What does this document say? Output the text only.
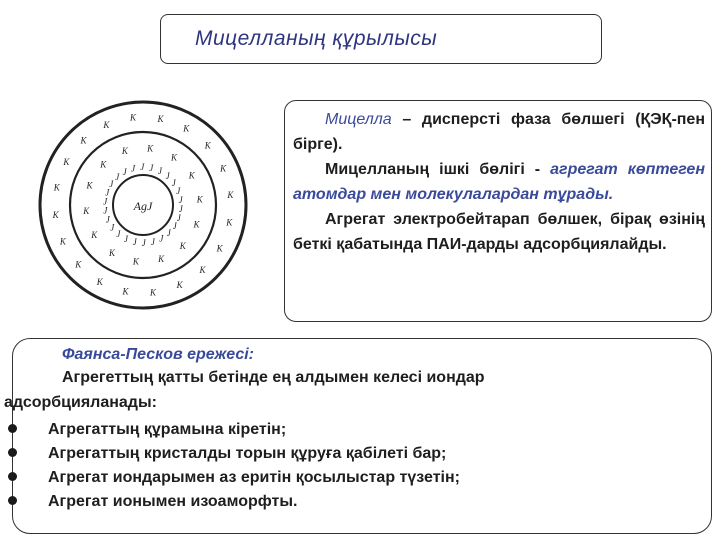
Мицелланың құрылысы
AgJ	J
J
J
J
J
J
J
J
J
J
J
J
J
J
J
J
J
J J J J J
J
J
J
J
K
K
K
K
K
K
K
K
K
K K
K
K
K
K
K
K
K
K
K
K
K
K
K
K
K
K
K
K K
K
K
K
K

Мицелла – дисперсті фаза бөлшегі (ҚЭҚ-пен бірге).

Мицелланың ішкі бөлігі - агрегат көптеген атомдар мен молекулалардан тұрады.

Агрегат электробейтарап бөлшек, бірақ өзінің беткі қабатында ПАИ-дарды адсорбциялайды.

Фаянса-Песков ережесі:
Агрегеттың қатты бетінде ең алдымен келесі иондар
адсорбцияланады:
Агрегаттың құрамына кіретін;
Агрегаттың кристалды торын құруға қабілеті бар;
Агрегат иондарымен аз еритін қосылыстар түзетін;
Агрегат ионымен изоаморфты.
